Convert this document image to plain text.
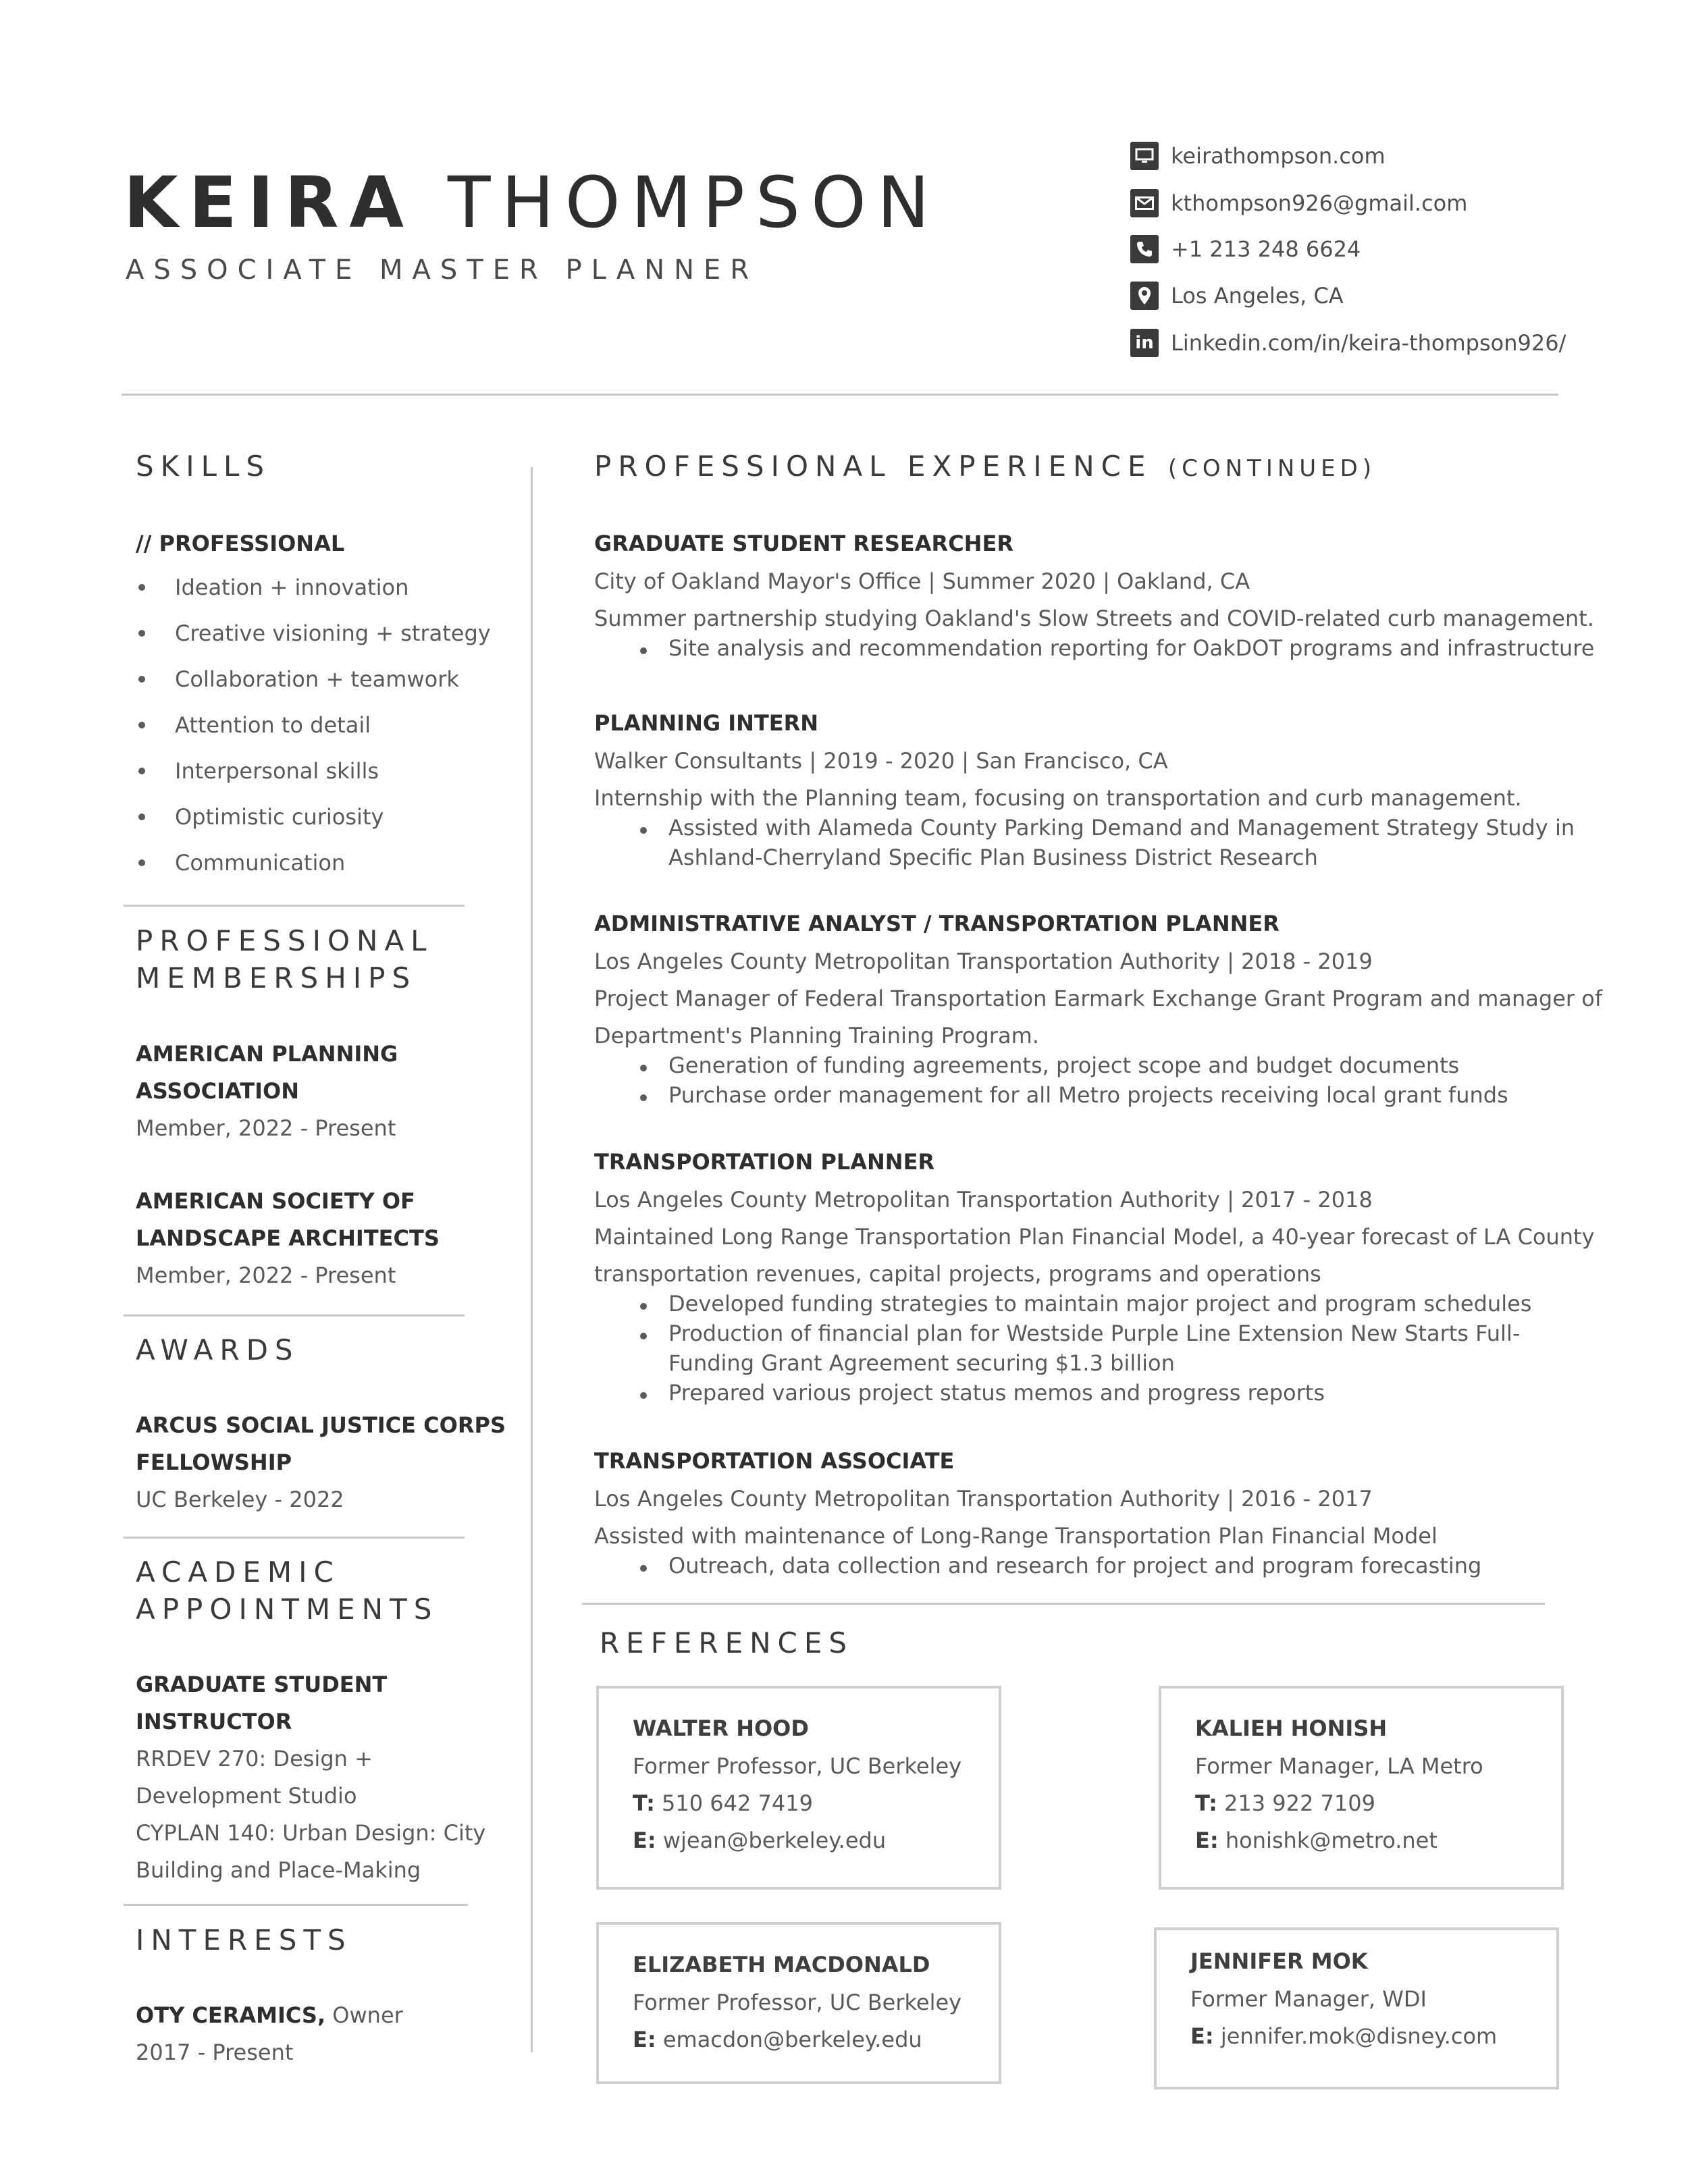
KEIRA THOMPSON
ASSOCIATE MASTER PLANNER
keirathompson.com
kthompson926@gmail.com
+1 213 248 6624
Los Angeles, CA
in Linkedin.com/in/keira-thompson926/
SKILLS
// PROFESSIONAL
Ideation + innovation
Creative visioning + strategy
Collaboration + teamwork
Attention to detail
Interpersonal skills
Optimistic curiosity
Communication
PROFESSIONAL
MEMBERSHIPS
AMERICAN PLANNING
ASSOCIATION
Member, 2022 - Present
AMERICAN SOCIETY OF
LANDSCAPE ARCHITECTS
Member, 2022 - Present
AWARDS
ARCUS SOCIAL JUSTICE CORPS
FELLOWSHIP
UC Berkeley - 2022
ACADEMIC
APPOINTMENTS
GRADUATE STUDENT
INSTRUCTOR
RRDEV 270: Design +
Development Studio
CYPLAN 140: Urban Design: City
Building and Place-Making
INTERESTS
OTY CERAMICS, Owner
2017 - Present
PROFESSIONAL EXPERIENCE (CONTINUED)
GRADUATE STUDENT RESEARCHER
City of Oakland Mayor's Office | Summer 2020 | Oakland, CA
Summer partnership studying Oakland's Slow Streets and COVID-related curb management.
Site analysis and recommendation reporting for OakDOT programs and infrastructure
PLANNING INTERN
Walker Consultants | 2019 - 2020 | San Francisco, CA
Internship with the Planning team, focusing on transportation and curb management.
Assisted with Alameda County Parking Demand and Management Strategy Study in
Ashland-Cherryland Specific Plan Business District Research
ADMINISTRATIVE ANALYST / TRANSPORTATION PLANNER
Los Angeles County Metropolitan Transportation Authority | 2018 - 2019
Project Manager of Federal Transportation Earmark Exchange Grant Program and manager of
Department's Planning Training Program.
Generation of funding agreements, project scope and budget documents
Purchase order management for all Metro projects receiving local grant funds
TRANSPORTATION PLANNER
Los Angeles County Metropolitan Transportation Authority | 2017 - 2018
Maintained Long Range Transportation Plan Financial Model, a 40-year forecast of LA County
transportation revenues, capital projects, programs and operations
Developed funding strategies to maintain major project and program schedules
Production of financial plan for Westside Purple Line Extension New Starts Full-
Funding Grant Agreement securing $1.3 billion
Prepared various project status memos and progress reports
TRANSPORTATION ASSOCIATE
Los Angeles County Metropolitan Transportation Authority | 2016 - 2017
Assisted with maintenance of Long-Range Transportation Plan Financial Model
Outreach, data collection and research for project and program forecasting
REFERENCES
WALTER HOOD
Former Professor, UC Berkeley
T: 510 642 7419
E: wjean@berkeley.edu
KALIEH HONISH
Former Manager, LA Metro
T: 213 922 7109
E: honishk@metro.net
ELIZABETH MACDONALD
Former Professor, UC Berkeley
E: emacdon@berkeley.edu
JENNIFER MOK
Former Manager, WDI
E: jennifer.mok@disney.com
